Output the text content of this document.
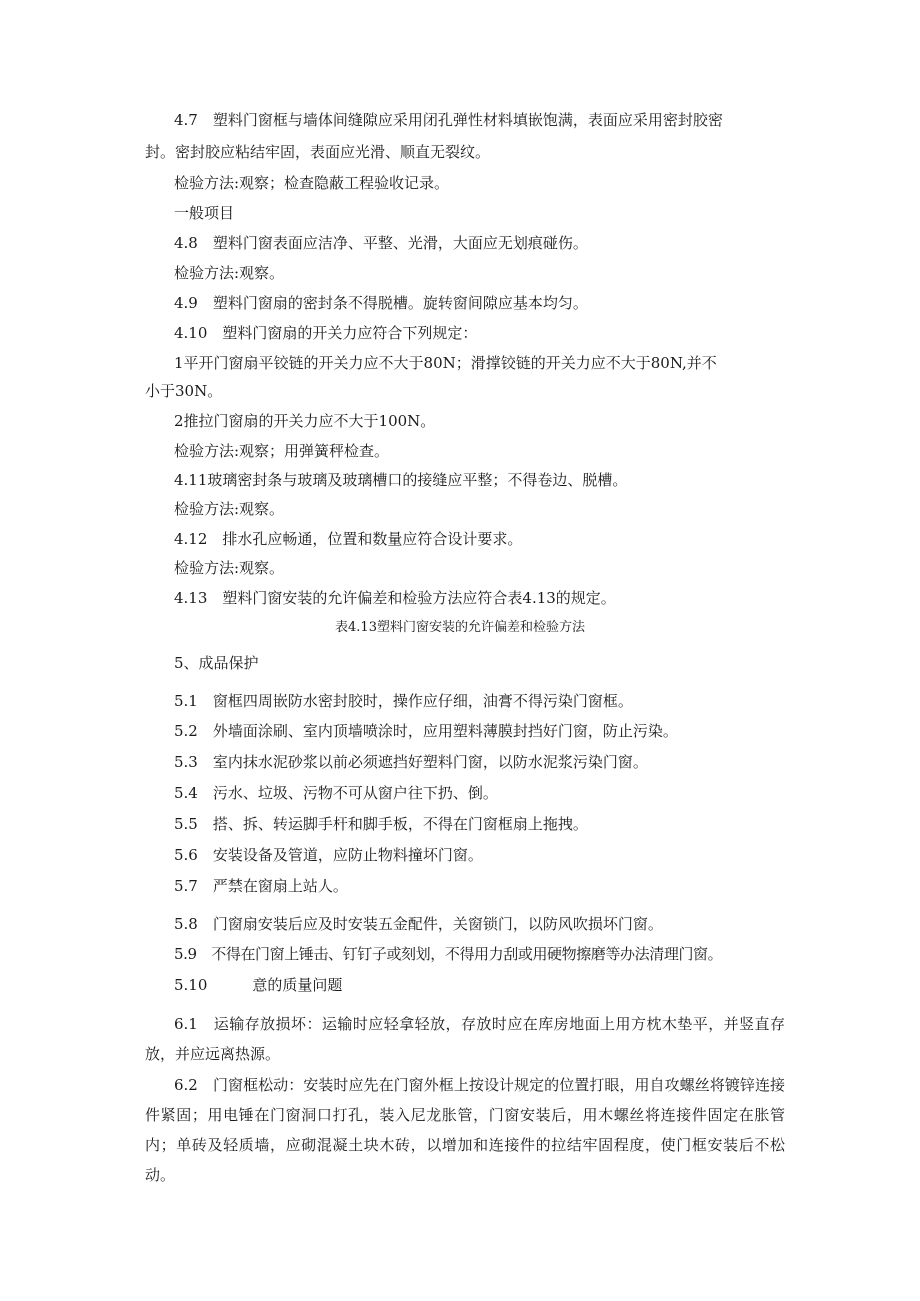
4.7　塑料门窗框与墙体间缝隙应采用闭孔弹性材料填嵌饱满，表面应采用密封胶密
封。密封胶应粘结牢固，表面应光滑、顺直无裂纹。
检验方法:观察；检查隐蔽工程验收记录。
一般项目
4.8　塑料门窗表面应洁净、平整、光滑，大面应无划痕碰伤。
检验方法:观察。
4.9　塑料门窗扇的密封条不得脱槽。旋转窗间隙应基本均匀。
4.10　塑料门窗扇的开关力应符合下列规定：
1平开门窗扇平铰链的开关力应不大于80N；滑撑铰链的开关力应不大于80N,并不
小于30N。
2推拉门窗扇的开关力应不大于100N。
检验方法:观察；用弹簧秤检查。
4.11玻璃密封条与玻璃及玻璃槽口的接缝应平整；不得卷边、脱槽。
检验方法:观察。
4.12　排水孔应畅通，位置和数量应符合设计要求。
检验方法:观察。
4.13　塑料门窗安装的允许偏差和检验方法应符合表4.13的规定。
表4.13塑料门窗安装的允许偏差和检验方法
5、成品保护
5.1　窗框四周嵌防水密封胶时，操作应仔细，油膏不得污染门窗框。
5.2　外墙面涂刷、室内顶墙喷涂时，应用塑料薄膜封挡好门窗，防止污染。
5.3　室内抹水泥砂浆以前必须遮挡好塑料门窗，以防水泥浆污染门窗。
5.4　污水、垃圾、污物不可从窗户往下扔、倒。
5.5　搭、拆、转运脚手杆和脚手板，不得在门窗框扇上拖拽。
5.6　安装设备及管道，应防止物料撞坏门窗。
5.7　严禁在窗扇上站人。
5.8　门窗扇安装后应及时安装五金配件，关窗锁门，以防风吹损坏门窗。
5.9　不得在门窗上锤击、钉钉子或刻划，不得用力刮或用硬物擦磨等办法清理门窗。
5.10　　　意的质量问题
6.1　运输存放损坏：运输时应轻拿轻放，存放时应在库房地面上用方枕木垫平，并竖直存放，并应远离热源。
6.2　门窗框松动：安装时应先在门窗外框上按设计规定的位置打眼，用自攻螺丝将镀锌连接件紧固；用电锤在门窗洞口打孔，装入尼龙胀管，门窗安装后，用木螺丝将连接件固定在胀管内；单砖及轻质墙，应砌混凝土块木砖，以增加和连接件的拉结牢固程度，使门框安装后不松动。
